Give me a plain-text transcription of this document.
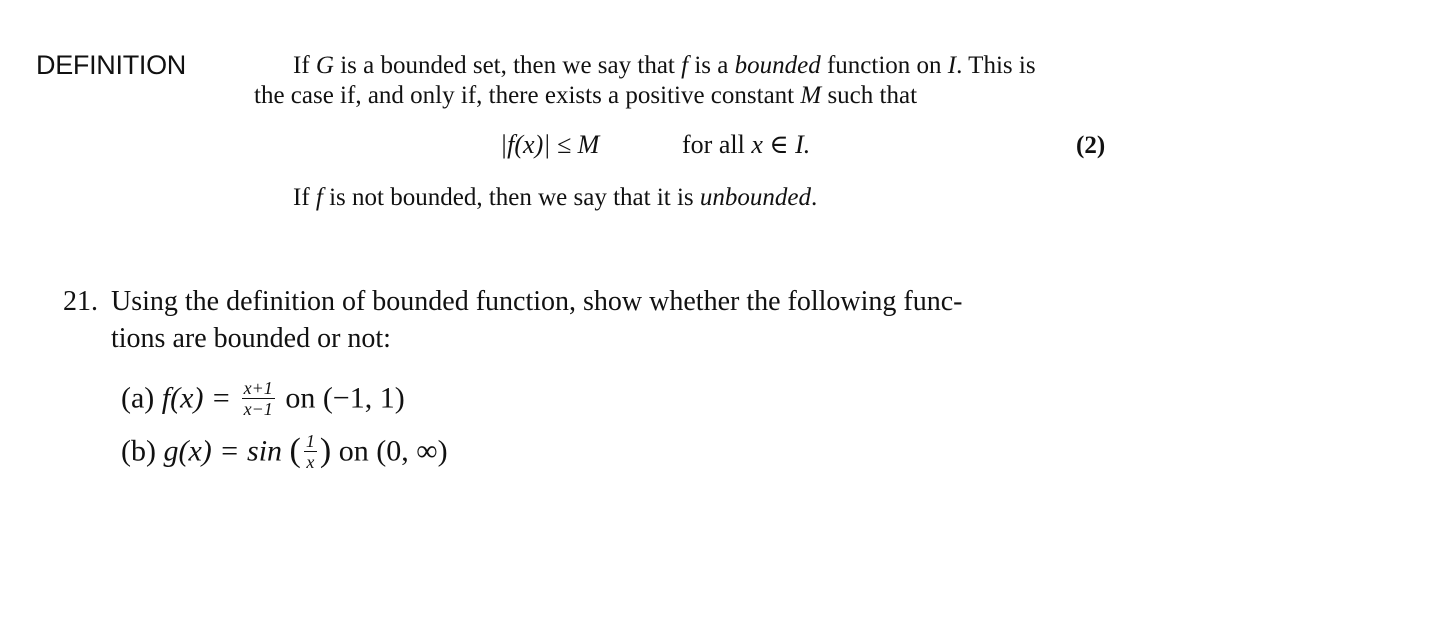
DEFINITION	If G is a bounded set, then we say that f is a bounded function on I. This is
the case if, and only if, there exists a positive constant M such that
|f(x)| ≤ M	for all x ∈ I.	(2)
If f is not bounded, then we say that it is unbounded.
21. Using the definition of bounded function, show whether the following func-
tions are bounded or not:
(a) $f(x) = \frac{x+1}{x-1}$ on (−1, 1)
(b) g(x) = sin ( $\frac{1}{x}$ ) on (0, ∞)
